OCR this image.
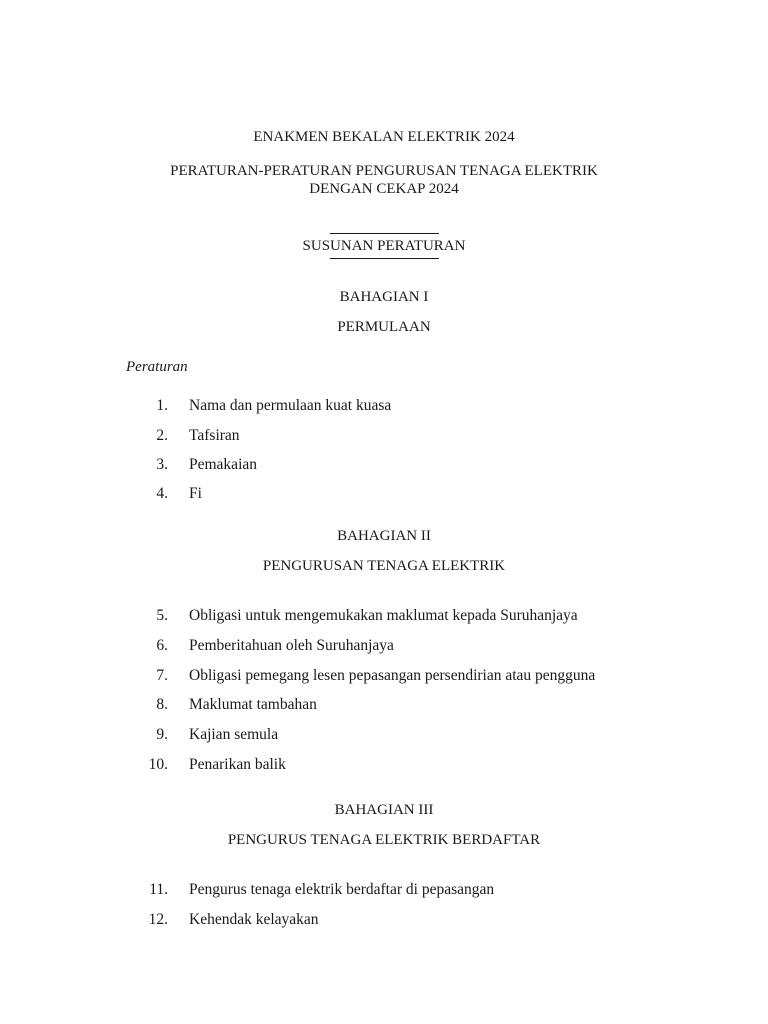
ENAKMEN BEKALAN ELEKTRIK 2024
PERATURAN-PERATURAN PENGURUSAN TENAGA ELEKTRIK
DENGAN CEKAP 2024
SUSUNAN PERATURAN
BAHAGIAN I
PERMULAAN
Peraturan
1. Nama dan permulaan kuat kuasa
2. Tafsiran
3. Pemakaian
4. Fi
BAHAGIAN II
PENGURUSAN TENAGA ELEKTRIK
5. Obligasi untuk mengemukakan maklumat kepada Suruhanjaya
6. Pemberitahuan oleh Suruhanjaya
7. Obligasi pemegang lesen pepasangan persendirian atau pengguna
8. Maklumat tambahan
9. Kajian semula
10. Penarikan balik
BAHAGIAN III
PENGURUS TENAGA ELEKTRIK BERDAFTAR
11. Pengurus tenaga elektrik berdaftar di pepasangan
12. Kehendak kelayakan
